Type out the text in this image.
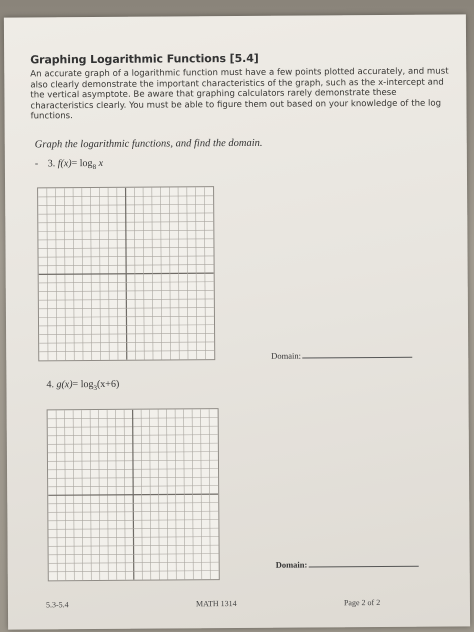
Graphing Logarithmic Functions [5.4]
An accurate graph of a logarithmic function must have a few points plotted accurately, and must also clearly demonstrate the important characteristics of the graph, such as the x-intercept and the vertical asymptote. Be aware that graphing calculators rarely demonstrate these characteristics clearly. You must be able to figure them out based on your knowledge of the log functions.
Graph the logarithmic functions, and find the domain.
- 3. $f(x)= \log_8 x$
Domain:
4. $g(x)= \log_3(x+6)$
Domain:
5.3-5.4	MATH 1314	Page 2 of 2
